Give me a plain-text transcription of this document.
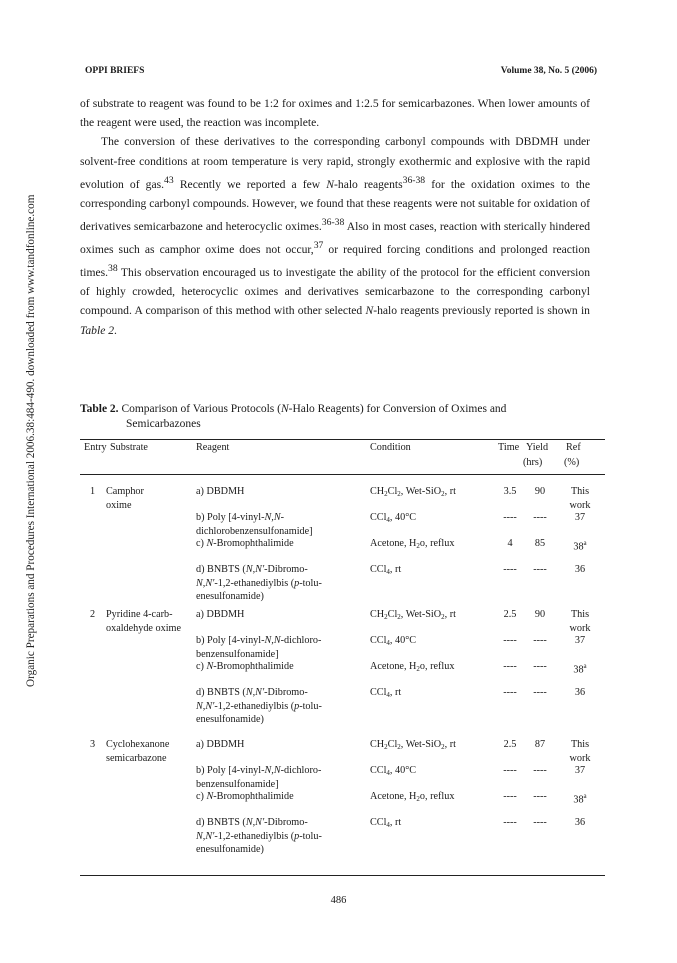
Organic Preparations and Procedures International 2006.38:484-490. downloaded from www.tandfonline.com
OPPI BRIEFS	Volume 38, No. 5 (2006)

of substrate to reagent was found to be 1:2 for oximes and 1:2.5 for semicarbazones. When lower amounts of the reagent were used, the reaction was incomplete.

The conversion of these derivatives to the corresponding carbonyl compounds with DBDMH under solvent-free conditions at room temperature is very rapid, strongly exothermic and explosive with the rapid evolution of gas.$^{43}$ Recently we reported a few N-halo reagents$^{36-38}$ for the oxidation oximes to the corresponding carbonyl compounds. However, we found that these reagents were not suitable for oxidation of derivatives semicarbazone and heterocyclic oximes.$^{36-38}$ Also in most cases, reaction with sterically hindered oximes such as camphor oxime does not occur,$^{37}$ or required forcing conditions and prolonged reaction times.$^{38}$ This observation encouraged us to investigate the ability of the protocol for the efficient conversion of highly crowded, heterocyclic oximes and derivatives semicarbazone to the corresponding carbonyl compound. A comparison of this method with other selected N-halo reagents previously reported is shown in Table 2.

Table 2. Comparison of Various Protocols (N-Halo Reagents) for Conversion of Oximes and
Semicarbazones
Entry Substrate	Reagent	Condition	Time Yield Ref
(hrs) (%)
1	Camphor
oxime
a) DBDMH	$CH_2Cl_2$, Wet-SiO$_2$, rt	3.5	90	This
work
b) Poly [4-vinyl-N,N-
dichlorobenzensulfonamide]
CCl$_4$, 40°C	----	----	37
c) N-Bromophthalimide	Acetone, $H_2o$, reflux	4	85	38$^a$
d) BNBTS (N,N'-Dibromo-
N,N'-1,2-ethanediylbis (p-tolu-
enesulfonamide)
CCl$_4$, rt	----	----	36
2	Pyridine 4-carb-
oxaldehyde oxime
a) DBDMH	$CH_2Cl_2$, Wet-SiO$_2$, rt	2.5	90	This
work
b) Poly [4-vinyl-N,N-dichloro-
benzensulfonamide]
CCl$_4$, 40°C	----	----	37
c) N-Bromophthalimide	Acetone, $H_2o$, reflux	----	----	38$^a$
d) BNBTS (N,N'-Dibromo-
N,N'-1,2-ethanediylbis (p-tolu-
enesulfonamide)
CCl$_4$, rt	----	----	36
3	Cyclohexanone
semicarbazone
a) DBDMH	$CH_2Cl_2$, Wet-SiO$_2$, rt	2.5	87	This
work
b) Poly [4-vinyl-N,N-dichloro-
benzensulfonamide]
CCl$_4$, 40°C	----	----	37
c) N-Bromophthalimide	Acetone, $H_2o$, reflux	----	----	38$^a$
d) BNBTS (N,N'-Dibromo-
N,N'-1,2-ethanediylbis (p-tolu-
enesulfonamide)
CCl$_4$, rt	----	----	36
486
